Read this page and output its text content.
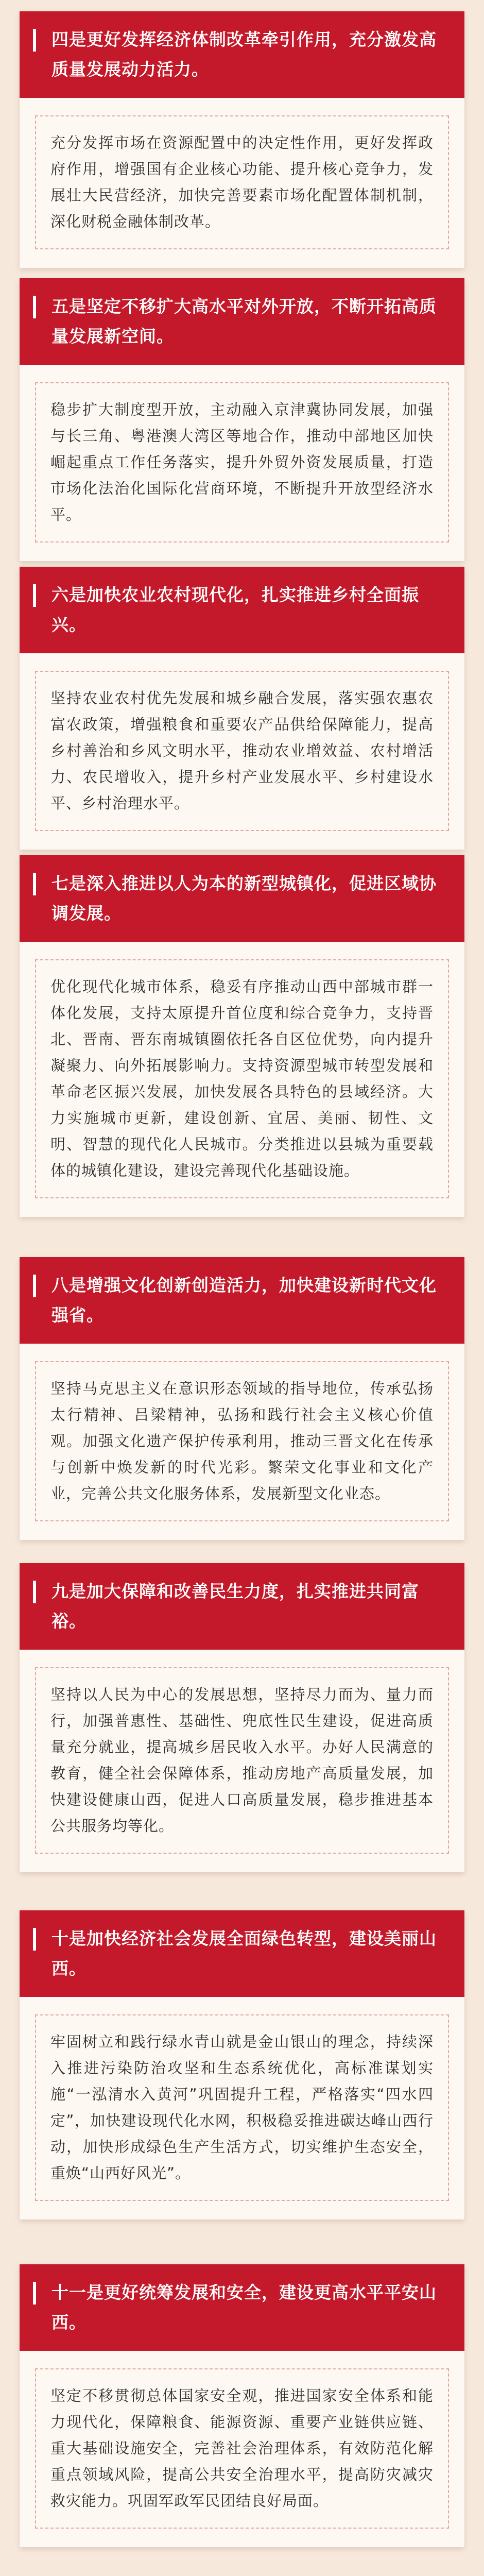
四是更好发挥经济体制改革牵引作用，充分激发高质量发展动力活力。
充分发挥市场在资源配置中的决定性作用，更好发挥政府作用，增强国有企业核心功能、提升核心竞争力，发展壮大民营经济，加快完善要素市场化配置体制机制，深化财税金融体制改革。
五是坚定不移扩大高水平对外开放，不断开拓高质量发展新空间。
稳步扩大制度型开放，主动融入京津冀协同发展，加强与长三角、粤港澳大湾区等地合作，推动中部地区加快崛起重点工作任务落实，提升外贸外资发展质量，打造市场化法治化国际化营商环境，不断提升开放型经济水平。
六是加快农业农村现代化，扎实推进乡村全面振兴。
坚持农业农村优先发展和城乡融合发展，落实强农惠农富农政策，增强粮食和重要农产品供给保障能力，提高乡村善治和乡风文明水平，推动农业增效益、农村增活力、农民增收入，提升乡村产业发展水平、乡村建设水平、乡村治理水平。
七是深入推进以人为本的新型城镇化，促进区域协调发展。
优化现代化城市体系，稳妥有序推动山西中部城市群一体化发展，支持太原提升首位度和综合竞争力，支持晋北、晋南、晋东南城镇圈依托各自区位优势，向内提升凝聚力、向外拓展影响力。支持资源型城市转型发展和革命老区振兴发展，加快发展各具特色的县域经济。大力实施城市更新，建设创新、宜居、美丽、韧性、文明、智慧的现代化人民城市。分类推进以县城为重要载体的城镇化建设，建设完善现代化基础设施。
八是增强文化创新创造活力，加快建设新时代文化强省。
坚持马克思主义在意识形态领域的指导地位，传承弘扬太行精神、吕梁精神，弘扬和践行社会主义核心价值观。加强文化遗产保护传承利用，推动三晋文化在传承与创新中焕发新的时代光彩。繁荣文化事业和文化产业，完善公共文化服务体系，发展新型文化业态。
九是加大保障和改善民生力度，扎实推进共同富裕。
坚持以人民为中心的发展思想，坚持尽力而为、量力而行，加强普惠性、基础性、兜底性民生建设，促进高质量充分就业，提高城乡居民收入水平。办好人民满意的教育，健全社会保障体系，推动房地产高质量发展，加快建设健康山西，促进人口高质量发展，稳步推进基本公共服务均等化。
十是加快经济社会发展全面绿色转型，建设美丽山西。
牢固树立和践行绿水青山就是金山银山的理念，持续深入推进污染防治攻坚和生态系统优化，高标准谋划实施“一泓清水入黄河”巩固提升工程，严格落实“四水四定”，加快建设现代化水网，积极稳妥推进碳达峰山西行动，加快形成绿色生产生活方式，切实维护生态安全，重焕“山西好风光”。
十一是更好统筹发展和安全，建设更高水平平安山西。
坚定不移贯彻总体国家安全观，推进国家安全体系和能力现代化，保障粮食、能源资源、重要产业链供应链、重大基础设施安全，完善社会治理体系，有效防范化解重点领域风险，提高公共安全治理水平，提高防灾减灾救灾能力。巩固军政军民团结良好局面。
